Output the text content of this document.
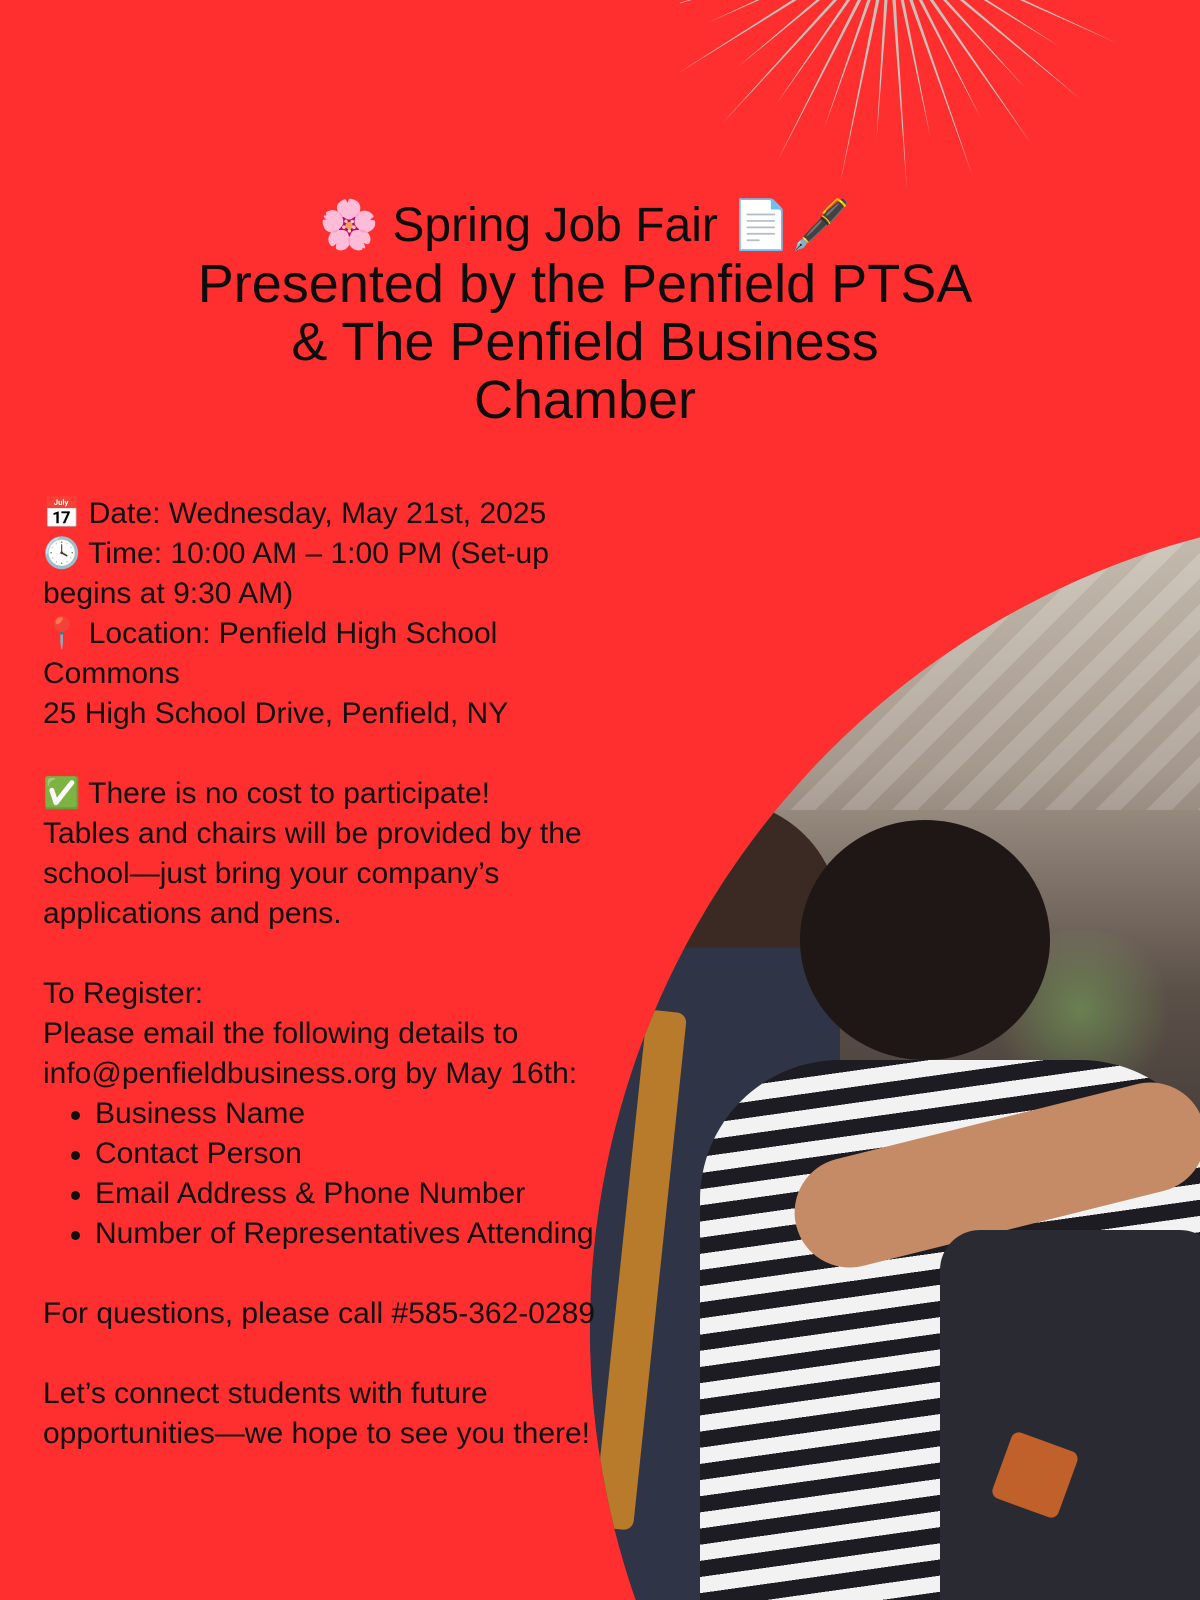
🌸 Spring Job Fair 📄🖋️
Presented by the Penfield PTSA
& The Penfield Business
Chamber
📅 Date: Wednesday, May 21st, 2025
🕓 Time: 10:00 AM – 1:00 PM (Set-up
begins at 9:30 AM)
📍 Location: Penfield High School
Commons
25 High School Drive, Penfield, NY
✅ There is no cost to participate!
Tables and chairs will be provided by the
school—just bring your company’s
applications and pens.
To Register:
Please email the following details to
info@penfieldbusiness.org by May 16th:
Business Name
Contact Person
Email Address & Phone Number
Number of Representatives Attending
For questions, please call #585-362-0289
Let’s connect students with future
opportunities—we hope to see you there!
